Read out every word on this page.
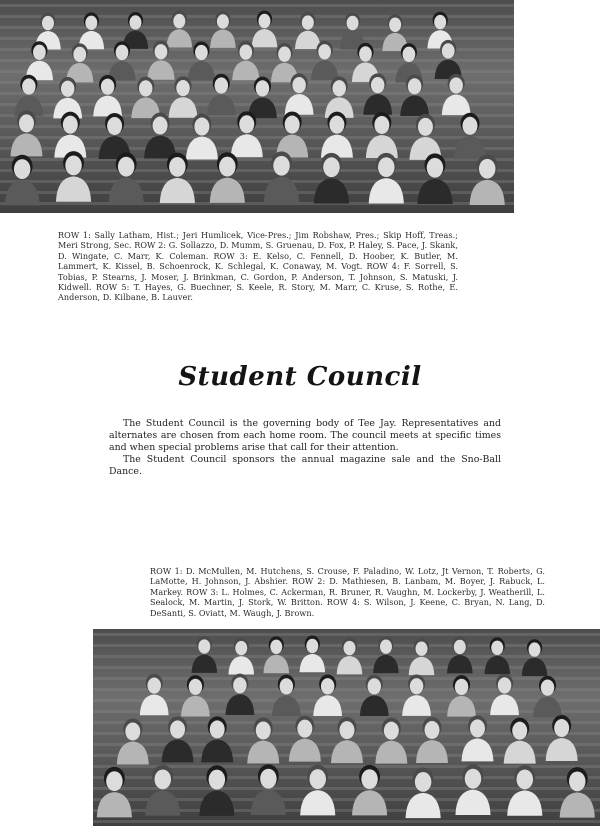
ROW 1: Sally Latham, Hist.; Jeri Humlicek, Vice-Pres.; Jim Robshaw, Pres.; Skip Hoff, Treas.; Meri Strong, Sec. ROW 2: G. Sollazzo, D. Mumm, S. Gruenau, D. Fox, P. Haley, S. Pace, J. Skank, D. Wingate, C. Marr, K. Coleman. ROW 3: E. Kelso, C. Fennell, D. Hoober, K. Butler, M. Lammert, K. Kissel, B. Schoenrock, K. Schlegal, K. Conaway, M. Vogt. ROW 4: F. Sorrell, S. Tobias, P. Stearns, J. Moser, J. Brinkman, C. Gordon, P. Anderson, T. Johnson, S. Matuski, J. Kidwell. ROW 5: T. Hayes, G. Buechner, S. Keele, R. Story, M. Marr, C. Kruse, S. Rothe, E. Anderson, D. Kilbane, B. Lauver.
Student Council

The Student Council is the governing body of Tee Jay. Representatives and alternates are chosen from each home room. The council meets at specific times and when special problems arise that call for their attention.

The Student Council sponsors the annual magazine sale and the Sno-Ball Dance.

ROW 1: D. McMullen, M. Hutchens, S. Crouse, F. Paladino, W. Lotz, Jt Vernon, T. Roberts, G. LaMotte, H. Johnson, J. Abshier. ROW 2: D. Mathiesen, B. Lanbam, M. Boyer, J. Rabuck, L. Markey. ROW 3: L. Holmes, C. Ackerman, R. Bruner, R. Vaughn, M. Lockerby, J. Weatherill, L. Sealock, M. Martin, J. Stork, W. Britton. ROW 4: S. Wilson, J. Keene, C. Bryan, N. Lang, D. DeSanti, S. Oviatt, M. Waugh, J. Brown.
